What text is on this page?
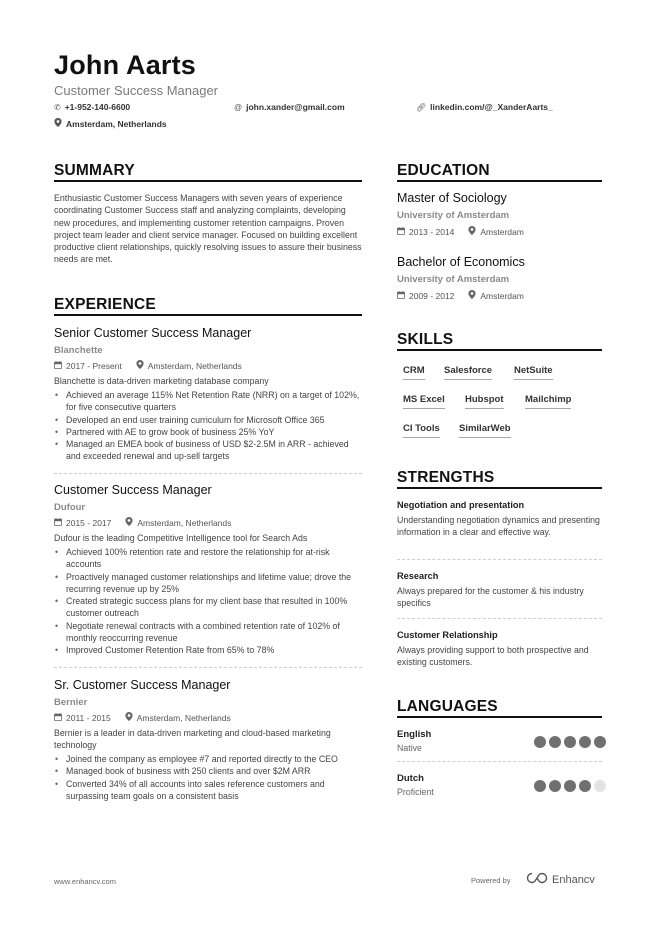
John Aarts
Customer Success Manager
✆ +1-952-140-6600	@ john.xander@gmail.com	🔗︎ linkedin.com/@_XanderAarts_
Amsterdam, Netherlands
SUMMARY
Enthusiastic Customer Success Managers with seven years of experience coordinating Customer Success staff and analyzing complaints, developing new procedures, and implementing customer retention campaigns. Proven project team leader and client service manager. Focused on building excellent productive client relationships, quickly resolving issues to assure their business needs are met.
EXPERIENCE
Senior Customer Success Manager
Blanchette
2017 - Present	Amsterdam, Netherlands
Blanchette is data-driven marketing database company
• Achieved an average 115% Net Retention Rate (NRR) on a target of 102%, for five consecutive quarters
• Developed an end user training curriculum for Microsoft Office 365
• Partnered with AE to grow book of business 25% YoY
• Managed an EMEA book of business of USD $2-2.5M in ARR - achieved and exceeded renewal and up-sell targets
Customer Success Manager
Dufour
2015 - 2017	Amsterdam, Netherlands
Dufour is the leading Competitive Intelligence tool for Search Ads
• Achieved 100% retention rate and restore the relationship for at-risk accounts
• Proactively managed customer relationships and lifetime value; drove the recurring revenue up by 25%
• Created strategic success plans for my client base that resulted in 100% customer outreach
• Negotiate renewal contracts with a combined retention rate of 102% of monthly reoccurring revenue
• Improved Customer Retention Rate from 65% to 78%
Sr. Customer Success Manager
Bernier
2011 - 2015	Amsterdam, Netherlands
Bernier is a leader in data-driven marketing and cloud-based marketing technology
• Joined the company as employee #7 and reported directly to the CEO
• Managed book of business with 250 clients and over $2M ARR
• Converted 34% of all accounts into sales reference customers and surpassing team goals on a consistent basis
EDUCATION
Master of Sociology
University of Amsterdam
2013 - 2014	Amsterdam
Bachelor of Economics
University of Amsterdam
2009 - 2012	Amsterdam
SKILLS
CRM Salesforce NetSuite
MS Excel Hubspot Mailchimp
CI Tools SimilarWeb
STRENGTHS
Negotiation and presentation
Understanding negotiation dynamics and presenting information in a clear and effective way.
Research
Always prepared for the customer & his industry specifics
Customer Relationship
Always providing support to both prospective and existing customers.
LANGUAGES
English
Native
Dutch
Proficient
www.enhancv.com	Powered by	Enhancv
